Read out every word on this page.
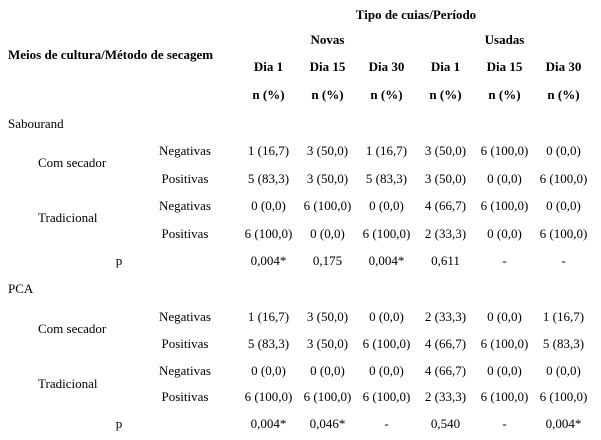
Tipo de cuias/Período
Novas	Usadas
Meios de cultura/Método de secagem
Dia 1	Dia 15	Dia 30	Dia 1	Dia 15	Dia 30
n (%)	n (%)	n (%)	n (%)	n (%)	n (%)
Sabourand
Com secador
Negativas	1 (16,7)	3 (50,0)	1 (16,7)	3 (50,0)	6 (100,0)	0 (0,0)
Positivas	5 (83,3)	3 (50,0)	5 (83,3)	3 (50,0)	0 (0,0)	6 (100,0)
Tradicional
Negativas	0 (0,0)	6 (100,0)	0 (0,0)	4 (66,7)	6 (100,0)	0 (0,0)
Positivas	6 (100,0)	0 (0,0)	6 (100,0)	2 (33,3)	0 (0,0)	6 (100,0)
p	0,004*	0,175	0,004*	0,611	-	-
PCA
Com secador
Negativas	1 (16,7)	3 (50,0)	0 (0,0)	2 (33,3)	0 (0,0)	1 (16,7)
Positivas	5 (83,3)	3 (50,0)	6 (100,0)	4 (66,7)	6 (100,0)	5 (83,3)
Tradicional
Negativas	0 (0,0)	0 (0,0)	0 (0,0)	4 (66,7)	0 (0,0)	0 (0,0)
Positivas	6 (100,0) 6 (100,0) 6 (100,0)	2 (33,3)	6 (100,0) 6 (100,0)
p	0,004*	0,046*	-	0,540	-	0,004*
